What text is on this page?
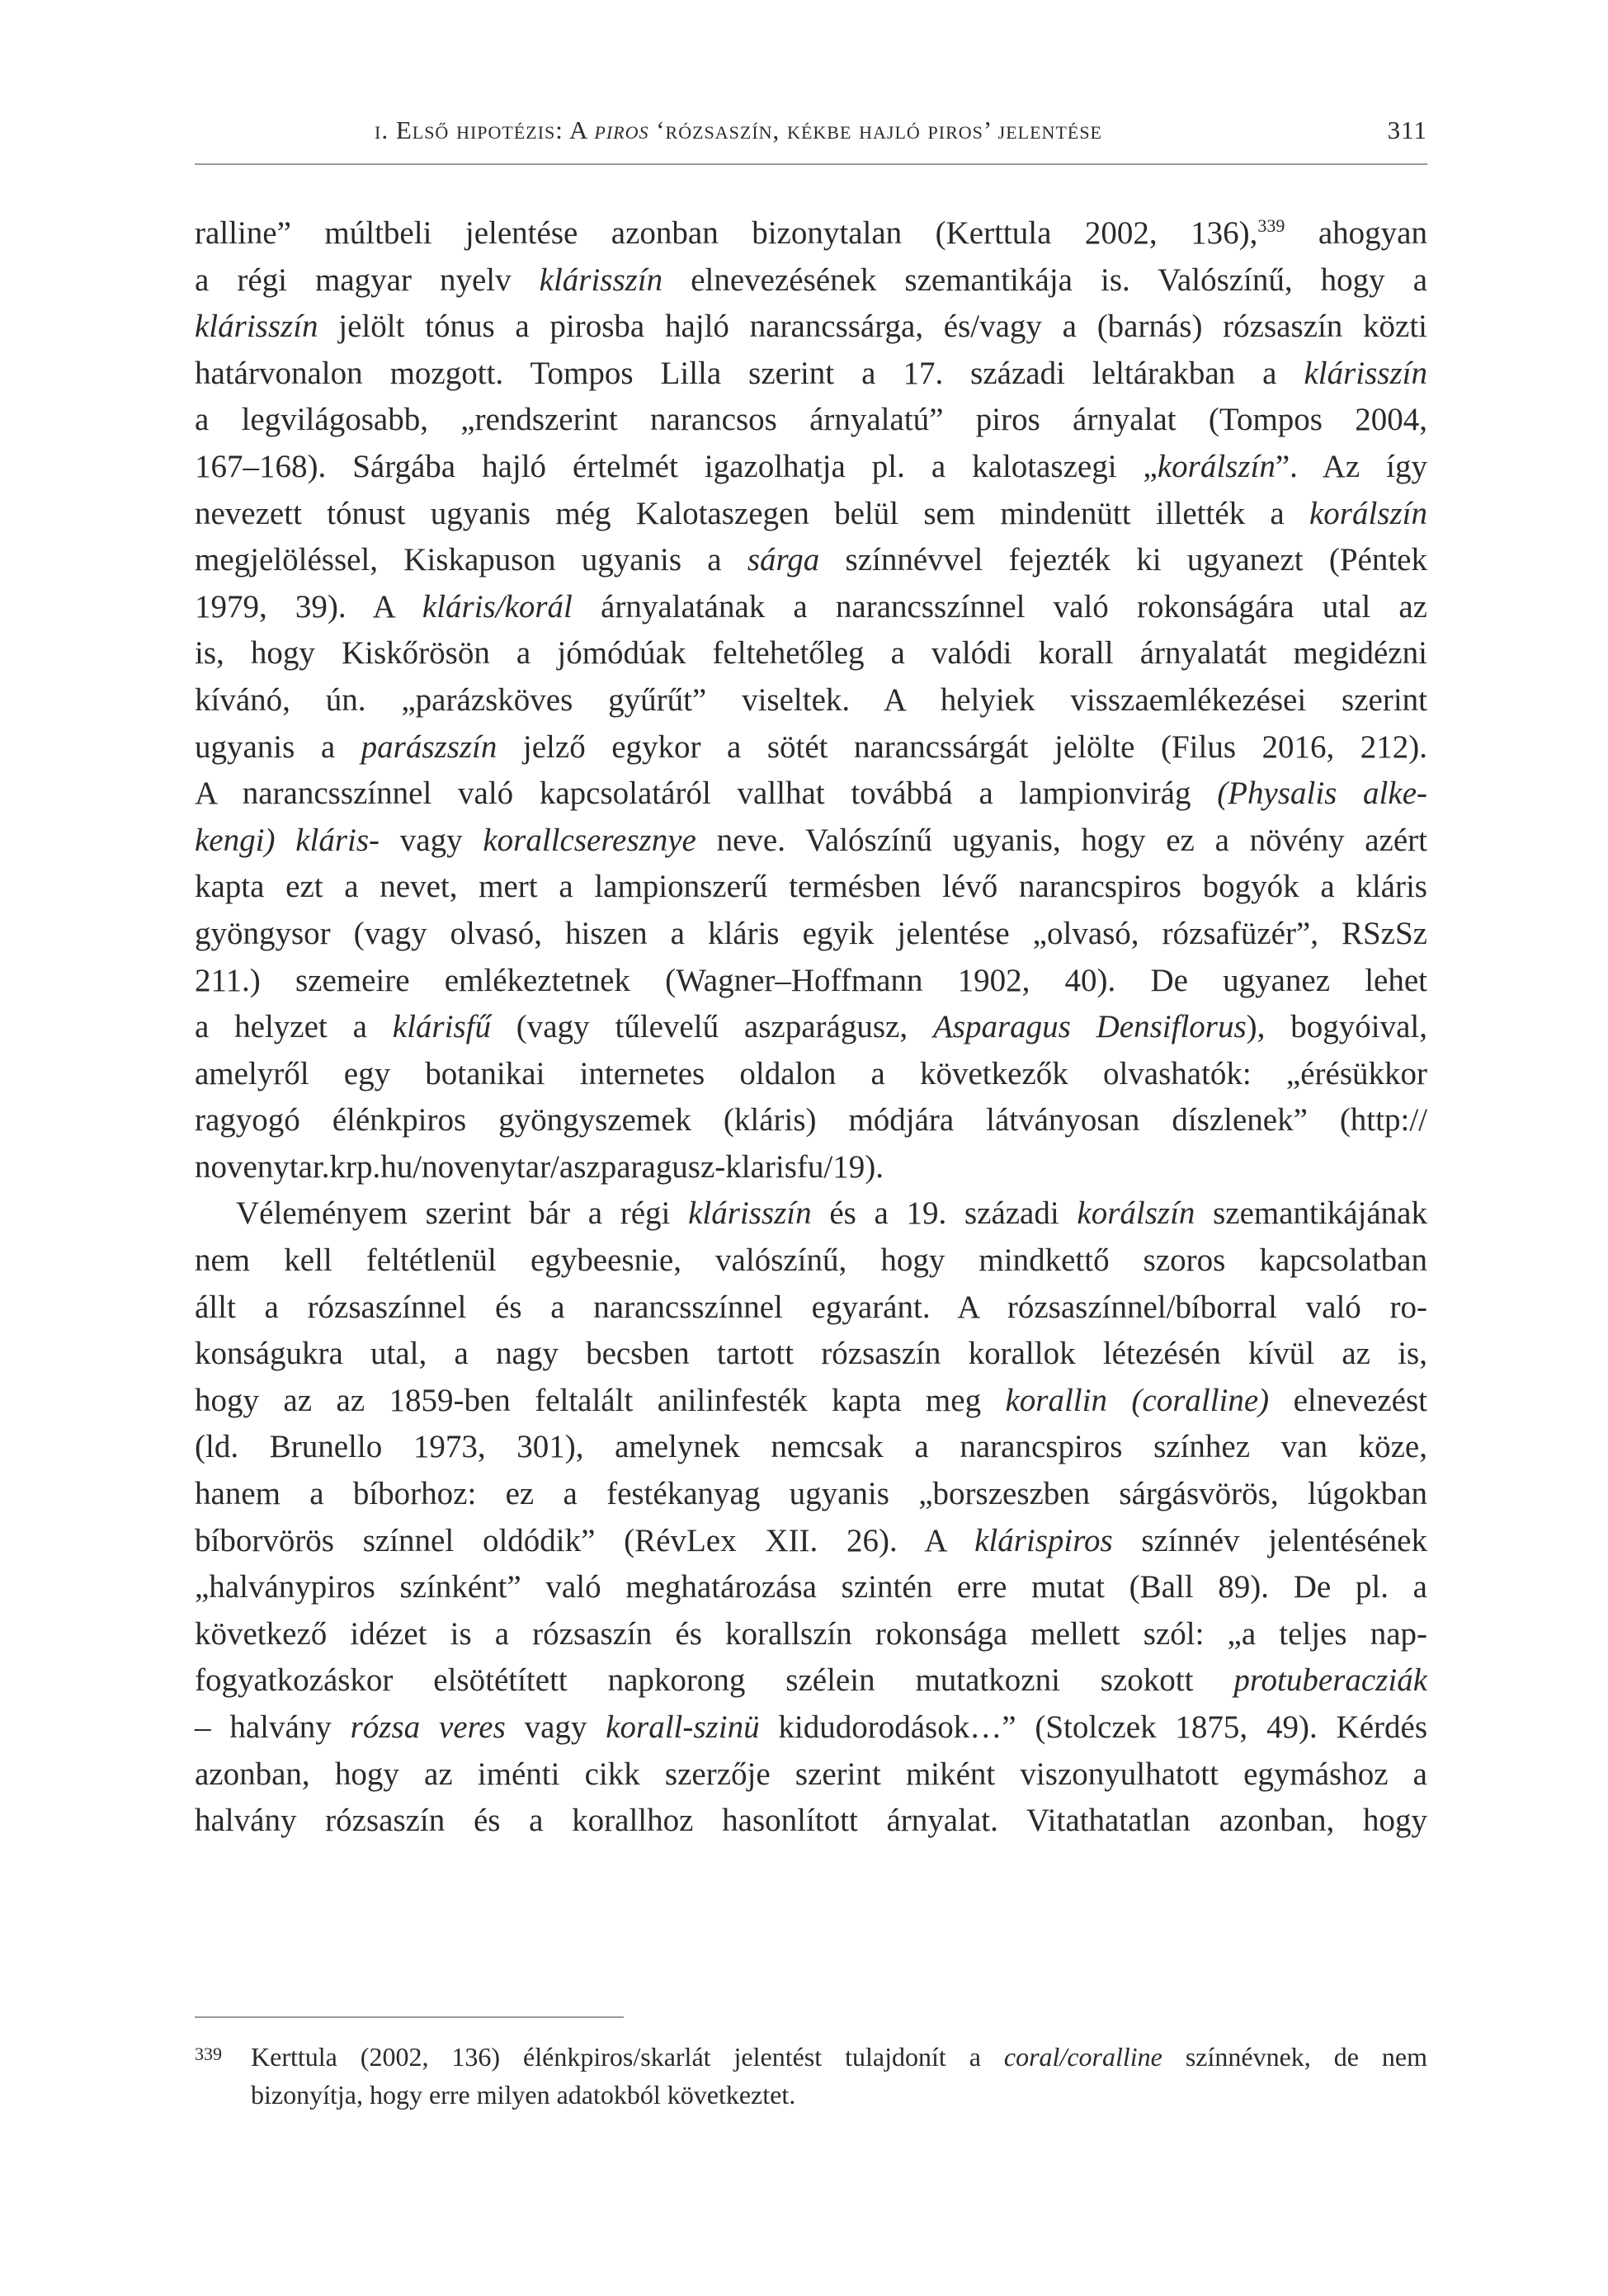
i. Első hipotézis: A piros ‘rózsaszín, kékbe hajló piros’ jelentése	311
ralline” múltbeli jelentése azonban bizonytalan (Kerttula 2002, 136),$^{339}$ ahogyan
a régi magyar nyelv klárisszín elnevezésének szemantikája is. Valószínű, hogy a
klárisszín jelölt tónus a pirosba hajló narancssárga, és/vagy a (barnás) rózsaszín közti
határvonalon mozgott. Tompos Lilla szerint a 17. századi leltárakban a klárisszín
a legvilágosabb, „rendszerint narancsos árnyalatú” piros árnyalat (Tompos 2004,
167–168). Sárgába hajló értelmét igazolhatja pl. a kalotaszegi „korálszín”. Az így
nevezett tónust ugyanis még Kalotaszegen belül sem mindenütt illették a korálszín
megjelöléssel, Kiskapuson ugyanis a sárga színnévvel fejezték ki ugyanezt (Péntek
1979, 39). A kláris/korál árnyalatának a narancsszínnel való rokonságára utal az
is, hogy Kiskőrösön a jómódúak feltehetőleg a valódi korall árnyalatát megidézni
kívánó, ún. „parázsköves gyűrűt” viseltek. A helyiek visszaemlékezései szerint
ugyanis a parászszín jelző egykor a sötét narancssárgát jelölte (Filus 2016, 212).
A narancsszínnel való kapcsolatáról vallhat továbbá a lampionvirág (Physalis alke-
kengi) kláris- vagy korallcseresznye neve. Valószínű ugyanis, hogy ez a növény azért
kapta ezt a nevet, mert a lampionszerű termésben lévő narancspiros bogyók a kláris
gyöngysor (vagy olvasó, hiszen a kláris egyik jelentése „olvasó, rózsafüzér”, RSzSz
211.) szemeire emlékeztetnek (Wagner–Hoffmann 1902, 40). De ugyanez lehet
a helyzet a klárisfű (vagy tűlevelű aszparágusz, Asparagus Densiflorus), bogyóival,
amelyről egy botanikai internetes oldalon a következők olvashatók: „érésükkor
ragyogó élénkpiros gyöngyszemek (kláris) módjára látványosan díszlenek” (http://
novenytar.krp.hu/novenytar/aszparagusz-klarisfu/19).
Véleményem szerint bár a régi klárisszín és a 19. századi korálszín szemantikájának
nem kell feltétlenül egybeesnie, valószínű, hogy mindkettő szoros kapcsolatban
állt a rózsaszínnel és a narancsszínnel egyaránt. A rózsaszínnel/bíborral való ro-
konságukra utal, a nagy becsben tartott rózsaszín korallok létezésén kívül az is,
hogy az az 1859-ben feltalált anilinfesték kapta meg korallin (coralline) elnevezést
(ld. Brunello 1973, 301), amelynek nemcsak a narancspiros színhez van köze,
hanem a bíborhoz: ez a festékanyag ugyanis „borszeszben sárgásvörös, lúgokban
bíborvörös színnel oldódik” (RévLex XII. 26). A klárispiros színnév jelentésének
„halványpiros színként” való meghatározása szintén erre mutat (Ball 89). De pl. a
következő idézet is a rózsaszín és korallszín rokonsága mellett szól: „a teljes nap-
fogyatkozáskor elsötétített napkorong szélein mutatkozni szokott protuberacziák
– halvány rózsa veres vagy korall-szinü kidudorodások…” (Stolczek 1875, 49). Kérdés
azonban, hogy az iménti cikk szerzője szerint miként viszonyulhatott egymáshoz a
halvány rózsaszín és a korallhoz hasonlított árnyalat. Vitathatatlan azonban, hogy
339 Kerttula (2002, 136) élénkpiros/skarlát jelentést tulajdonít a coral/coralline színnévnek, de nem
bizonyítja, hogy erre milyen adatokból következtet.
